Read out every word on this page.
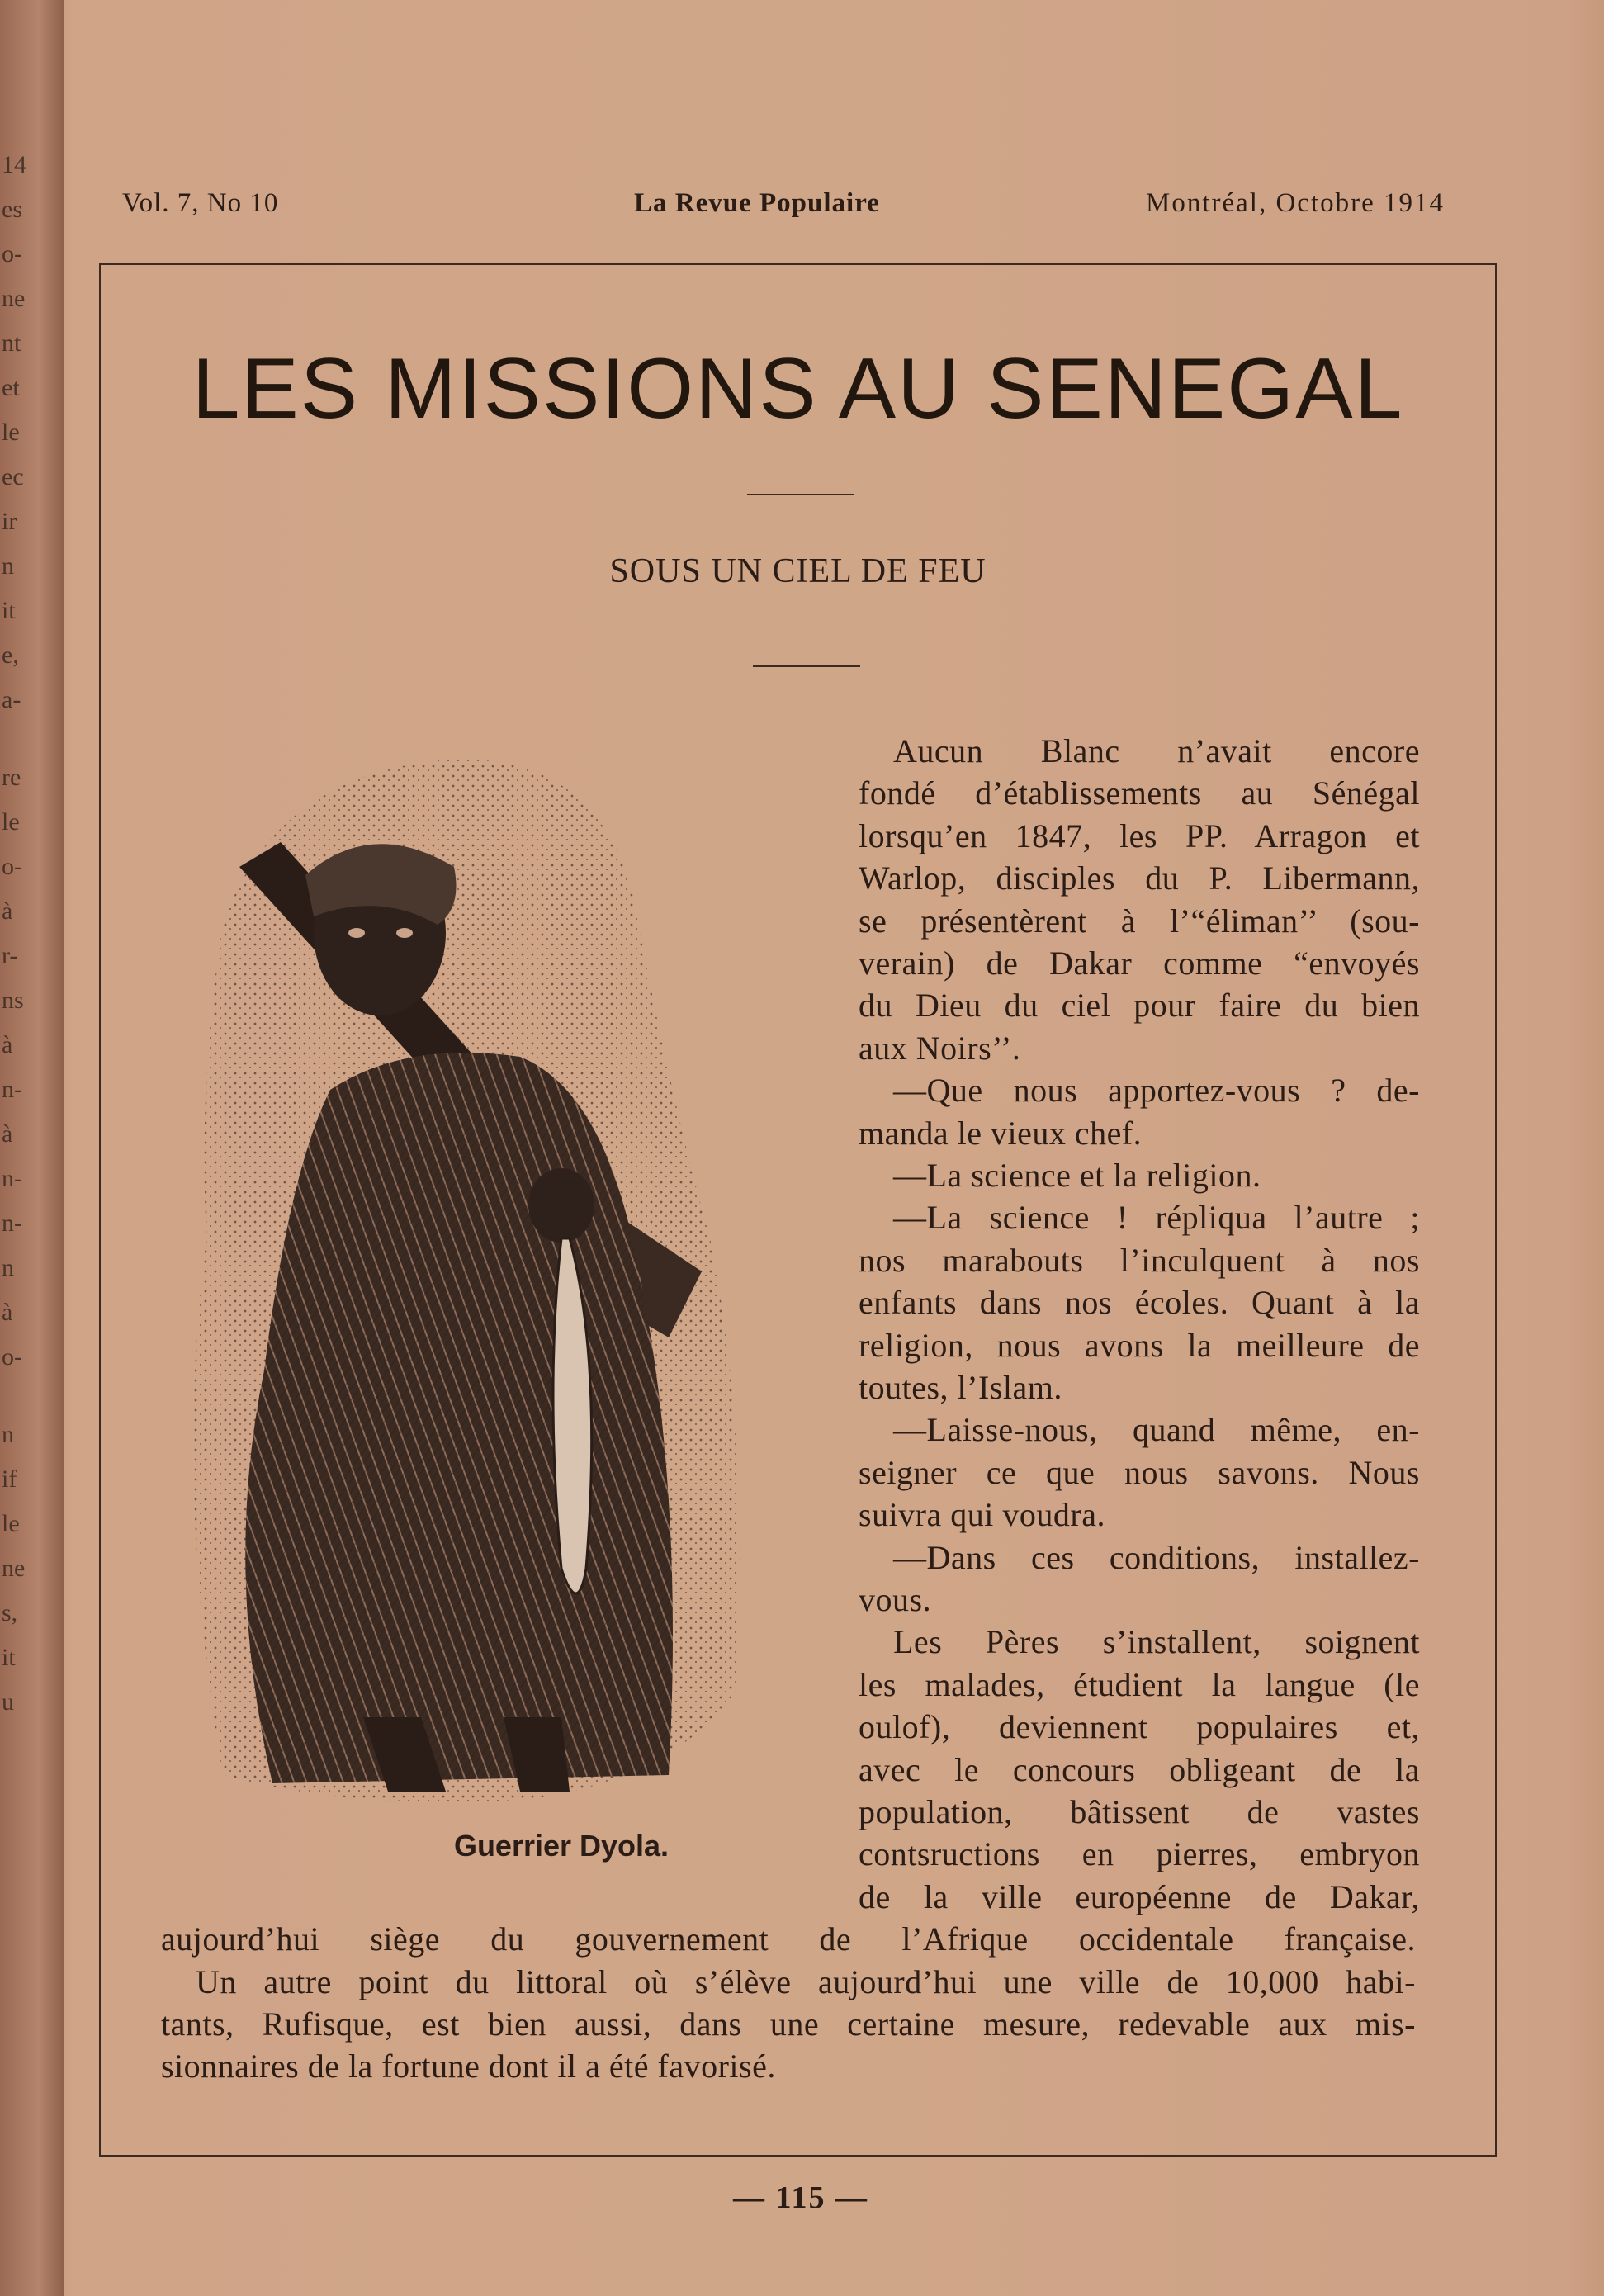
14
es
o-
ne
nt
et
le
ec
ir
n
it
e,
a-
re
le
o-
à
r-
ns
à
n-
à
n-
n-
n
à
o-
n
if
le
ne
s,
it
u
Vol. 7, No 10	La Revue Populaire	Montréal, Octobre 1914
LES MISSIONS AU SENEGAL
SOUS UN CIEL DE FEU
Guerrier Dyola.
Aucun Blanc n’avait encore
fondé d’établissements au Sénégal
lorsqu’en 1847, les PP. Arragon et
Warlop, disciples du P. Libermann,
se présentèrent à l’“éliman’’ (sou-
verain) de Dakar comme “envoyés
du Dieu du ciel pour faire du bien
aux Noirs’’.
—Que nous apportez-vous ? de-
manda le vieux chef.
—La science et la religion.
—La science ! répliqua l’autre ;
nos marabouts l’inculquent à nos
enfants dans nos écoles. Quant à la
religion, nous avons la meilleure de
toutes, l’Islam.
—Laisse-nous, quand même, en-
seigner ce que nous savons. Nous
suivra qui voudra.
—Dans ces conditions, installez-
vous.
Les Pères s’installent, soignent
les malades, étudient la langue (le
oulof), deviennent populaires et,
avec le concours obligeant de la
population, bâtissent de vastes
contsructions en pierres, embryon
de la ville européenne de Dakar,
aujourd’hui siège du gouvernement de l’Afrique occidentale française.
Un autre point du littoral où s’élève aujourd’hui une ville de 10,000 habi-
tants, Rufisque, est bien aussi, dans une certaine mesure, redevable aux mis-
sionnaires de la fortune dont il a été favorisé.
— 115 —
